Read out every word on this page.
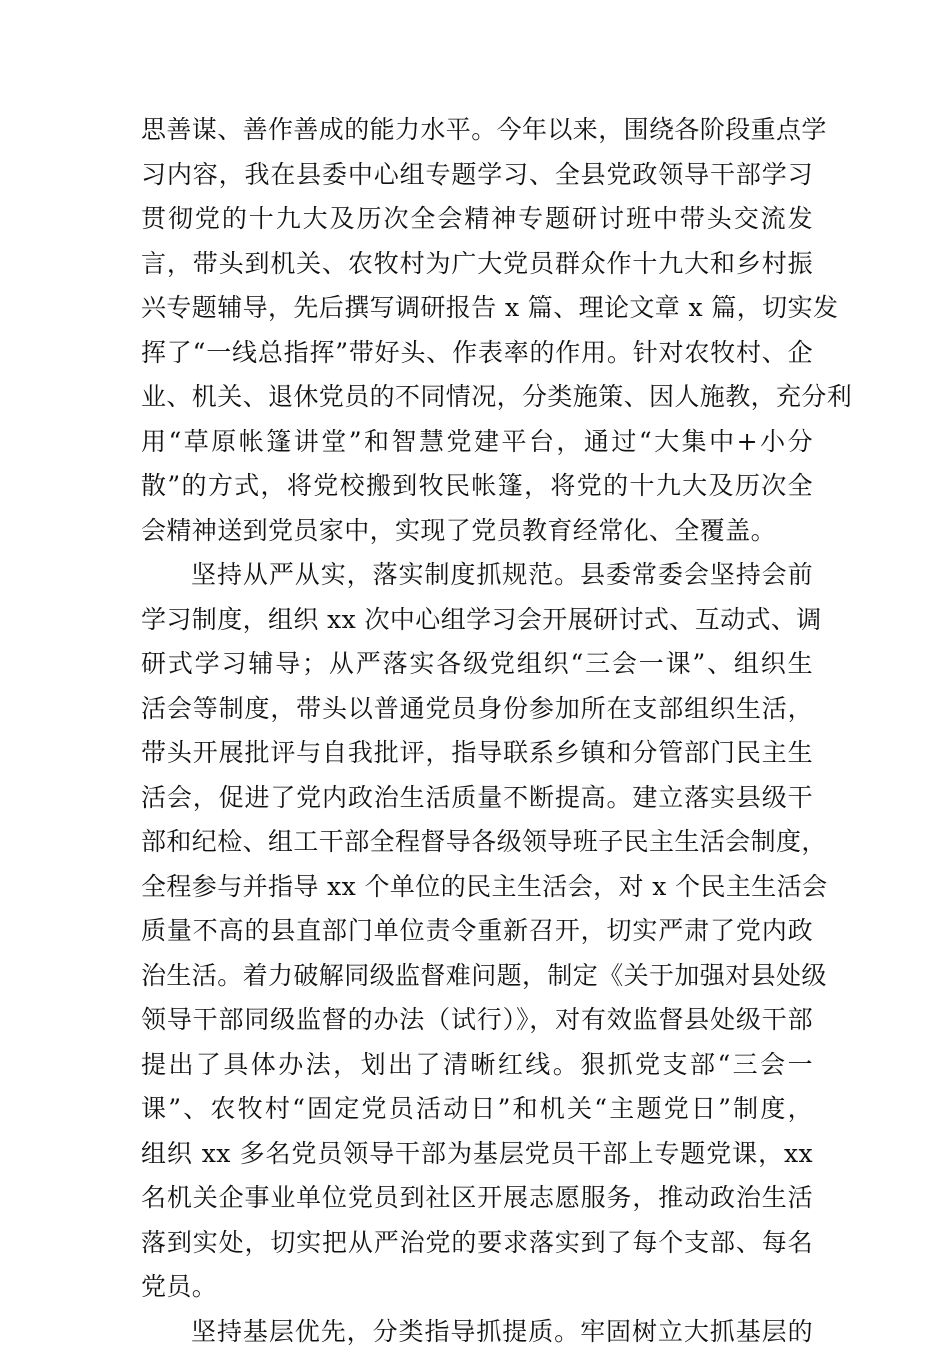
思善谋、善作善成的能力水平。今年以来，围绕各阶段重点学
习内容，我在县委中心组专题学习、全县党政领导干部学习
贯彻党的十九大及历次全会精神专题研讨班中带头交流发
言，带头到机关、农牧村为广大党员群众作十九大和乡村振
兴专题辅导，先后撰写调研报告 x 篇、理论文章 x 篇，切实发
挥了“一线总指挥”带好头、作表率的作用。针对农牧村、企
业、机关、退休党员的不同情况，分类施策、因人施教，充分利
用“草原帐篷讲堂”和智慧党建平台，通过“大集中+小分
散”的方式，将党校搬到牧民帐篷，将党的十九大及历次全
会精神送到党员家中，实现了党员教育经常化、全覆盖。
坚持从严从实，落实制度抓规范。县委常委会坚持会前
学习制度，组织 xx 次中心组学习会开展研讨式、互动式、调
研式学习辅导；从严落实各级党组织“三会一课”、组织生
活会等制度，带头以普通党员身份参加所在支部组织生活，
带头开展批评与自我批评，指导联系乡镇和分管部门民主生
活会，促进了党内政治生活质量不断提高。建立落实县级干
部和纪检、组工干部全程督导各级领导班子民主生活会制度，
全程参与并指导 xx 个单位的民主生活会，对 x 个民主生活会
质量不高的县直部门单位责令重新召开，切实严肃了党内政
治生活。着力破解同级监督难问题，制定《关于加强对县处级
领导干部同级监督的办法（试行）》，对有效监督县处级干部
提出了具体办法，划出了清晰红线。狠抓党支部“三会一
课”、农牧村“固定党员活动日”和机关“主题党日”制度，
组织 xx 多名党员领导干部为基层党员干部上专题党课，xx
名机关企事业单位党员到社区开展志愿服务，推动政治生活
落到实处，切实把从严治党的要求落实到了每个支部、每名
党员。
坚持基层优先，分类指导抓提质。牢固树立大抓基层的
